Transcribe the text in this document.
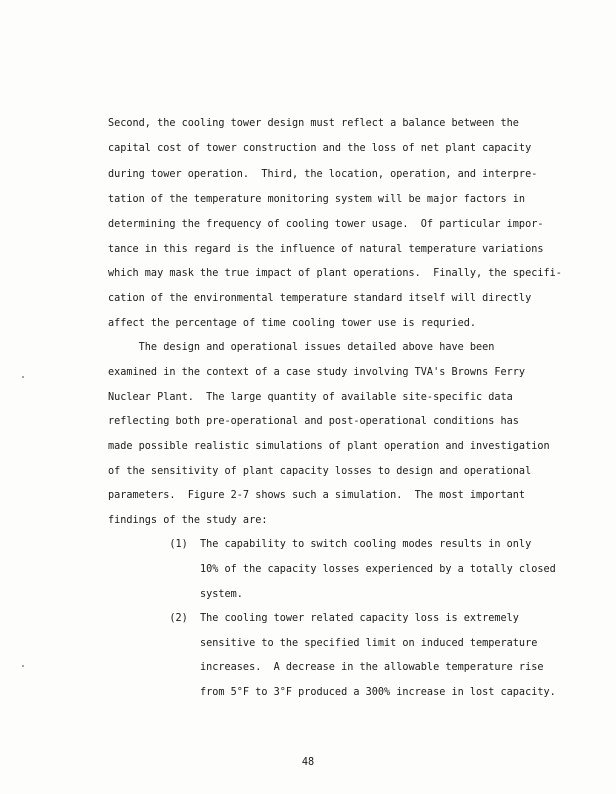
Second, the cooling tower design must reflect a balance between the
capital cost of tower construction and the loss of net plant capacity
during tower operation.  Third, the location, operation, and interpre-
tation of the temperature monitoring system will be major factors in
determining the frequency of cooling tower usage.  Of particular impor-
tance in this regard is the influence of natural temperature variations
which may mask the true impact of plant operations.  Finally, the specifi-
cation of the environmental temperature standard itself will directly
affect the percentage of time cooling tower use is requried.
The design and operational issues detailed above have been
examined in the context of a case study involving TVA's Browns Ferry
Nuclear Plant.  The large quantity of available site-specific data
reflecting both pre-operational and post-operational conditions has
made possible realistic simulations of plant operation and investigation
of the sensitivity of plant capacity losses to design and operational
parameters.  Figure 2-7 shows such a simulation.  The most important
findings of the study are:
(1)  The capability to switch cooling modes results in only
10% of the capacity losses experienced by a totally closed
system.
(2)  The cooling tower related capacity loss is extremely
sensitive to the specified limit on induced temperature
increases.  A decrease in the allowable temperature rise
from 5°F to 3°F produced a 300% increase in lost capacity.
48
